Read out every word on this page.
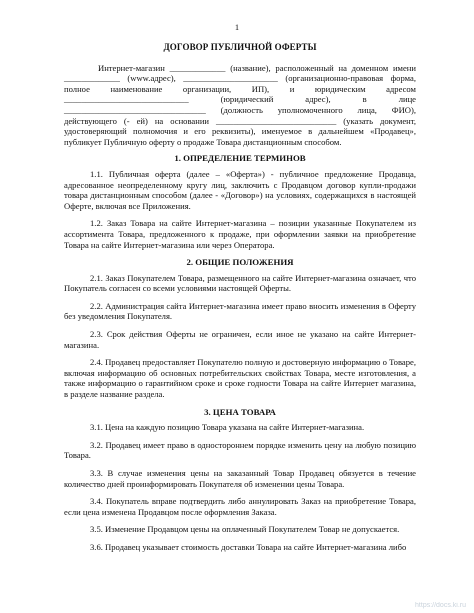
1
ДОГОВОР ПУБЛИЧНОЙ ОФЕРТЫ

Интернет-магазин _____________ (название), расположенный на доменном имени _____________ (www.адрес), ______________________ (организационно-правовая форма, полное наименование организации, ИП), и юридическим адресом _____________________________ (юридический адрес), в лице _________________________________ (должность уполномоченного лица, ФИО), действующего (- ей) на основании ____________________________ (указать документ, удостоверяющий полномочия и его реквизиты), именуемое в дальнейшем «Продавец», публикует Публичную оферту о продаже Товара дистанционным способом.

1. ОПРЕДЕЛЕНИЕ ТЕРМИНОВ

1.1. Публичная оферта (далее – «Оферта») - публичное предложение Продавца, адресованное неопределенному кругу лиц, заключить с Продавцом договор купли-продажи товара дистанционным способом (далее - «Договор») на условиях, содержащихся в настоящей Оферте, включая все Приложения.

1.2. Заказ Товара на сайте Интернет-магазина – позиции указанные Покупателем из ассортимента Товара, предложенного к продаже, при оформлении заявки на приобретение Товара на сайте Интернет-магазина или через Оператора.

2. ОБЩИЕ ПОЛОЖЕНИЯ

2.1. Заказ Покупателем Товара, размещенного на сайте Интернет-магазина означает, что Покупатель согласен со всеми условиями настоящей Оферты.

2.2. Администрация сайта Интернет-магазина имеет право вносить изменения в Оферту без уведомления Покупателя.

2.3. Срок действия Оферты не ограничен, если иное не указано на сайте Интернет-магазина.

2.4. Продавец предоставляет Покупателю полную и достоверную информацию о Товаре, включая информацию об основных потребительских свойствах Товара, месте изготовления, а также информацию о гарантийном сроке и сроке годности Товара на сайте Интернет магазина, в разделе название раздела.

3. ЦЕНА ТОВАРА

3.1. Цена на каждую позицию Товара указана на сайте Интернет-магазина.

3.2. Продавец имеет право в одностороннем порядке изменить цену на любую позицию Товара.

3.3. В случае изменения цены на заказанный Товар Продавец обязуется в течение количество дней проинформировать Покупателя об изменении цены Товара.

3.4. Покупатель вправе подтвердить либо аннулировать Заказ на приобретение Товара, если цена изменена Продавцом после оформления Заказа.

3.5. Изменение Продавцом цены на оплаченный Покупателем Товар не допускается.

3.6. Продавец указывает стоимость доставки Товара на сайте Интернет-магазина либо

https://docs.ki.ru
